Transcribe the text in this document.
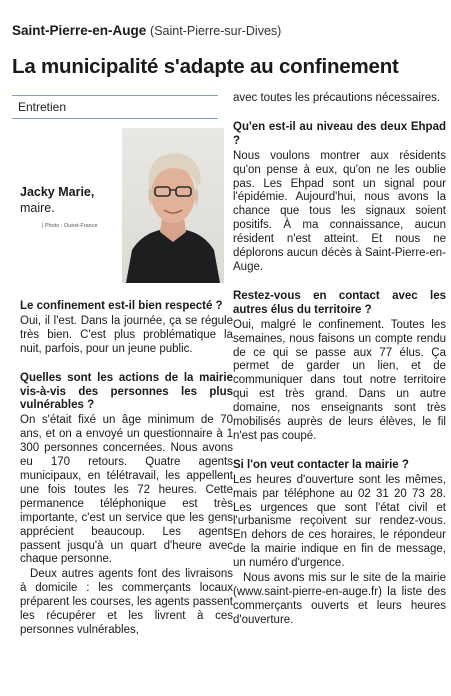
Saint-Pierre-en-Auge (Saint-Pierre-sur-Dives)
La municipalité s'adapte au confinement
Entretien
Jacky Marie,
maire.
| Photo : Ouest-France
Le confinement est-il bien respecté ?

Oui, il l'est. Dans la journée, ça se régule très bien. C'est plus problématique la nuit, parfois, pour un jeune public.

Quelles sont les actions de la mairie vis-à-vis des personnes les plus vulnérables ?

On s'était fixé un âge minimum de 70 ans, et on a envoyé un questionnaire à 1 300 personnes concernées. Nous avons eu 170 retours. Quatre agents municipaux, en télétravail, les appellent une fois toutes les 72 heures. Cette permanence téléphonique est très importante, c'est un service que les gens apprécient beaucoup. Les agents passent jusqu'à un quart d'heure avec chaque personne.

Deux autres agents font des livraisons à domicile : les commerçants locaux préparent les courses, les agents passent les récupérer et les livrent à ces personnes vulnérables,

avec toutes les précautions nécessaires.

Qu'en est-il au niveau des deux Ehpad ?

Nous voulons montrer aux résidents qu'on pense à eux, qu'on ne les oublie pas. Les Ehpad sont un signal pour l'épidémie. Aujourd'hui, nous avons la chance que tous les signaux soient positifs. À ma connaissance, aucun résident n'est atteint. Et nous ne déplorons aucun décès à Saint-Pierre-en-Auge.

Restez-vous en contact avec les autres élus du territoire ?

Oui, malgré le confinement. Toutes les semaines, nous faisons un compte rendu de ce qui se passe aux 77 élus. Ça permet de garder un lien, et de communiquer dans tout notre territoire qui est très grand. Dans un autre domaine, nos enseignants sont très mobilisés auprès de leurs élèves, le fil n'est pas coupé.

Si l'on veut contacter la mairie ?

Les heures d'ouverture sont les mêmes, mais par téléphone au 02 31 20 73 28. Les urgences que sont l'état civil et l'urbanisme reçoivent sur rendez-vous. En dehors de ces horaires, le répondeur de la mairie indique en fin de message, un numéro d'urgence.

Nous avons mis sur le site de la mairie (www.saint-pierre-en-auge.fr) la liste des commerçants ouverts et leurs heures d'ouverture.
